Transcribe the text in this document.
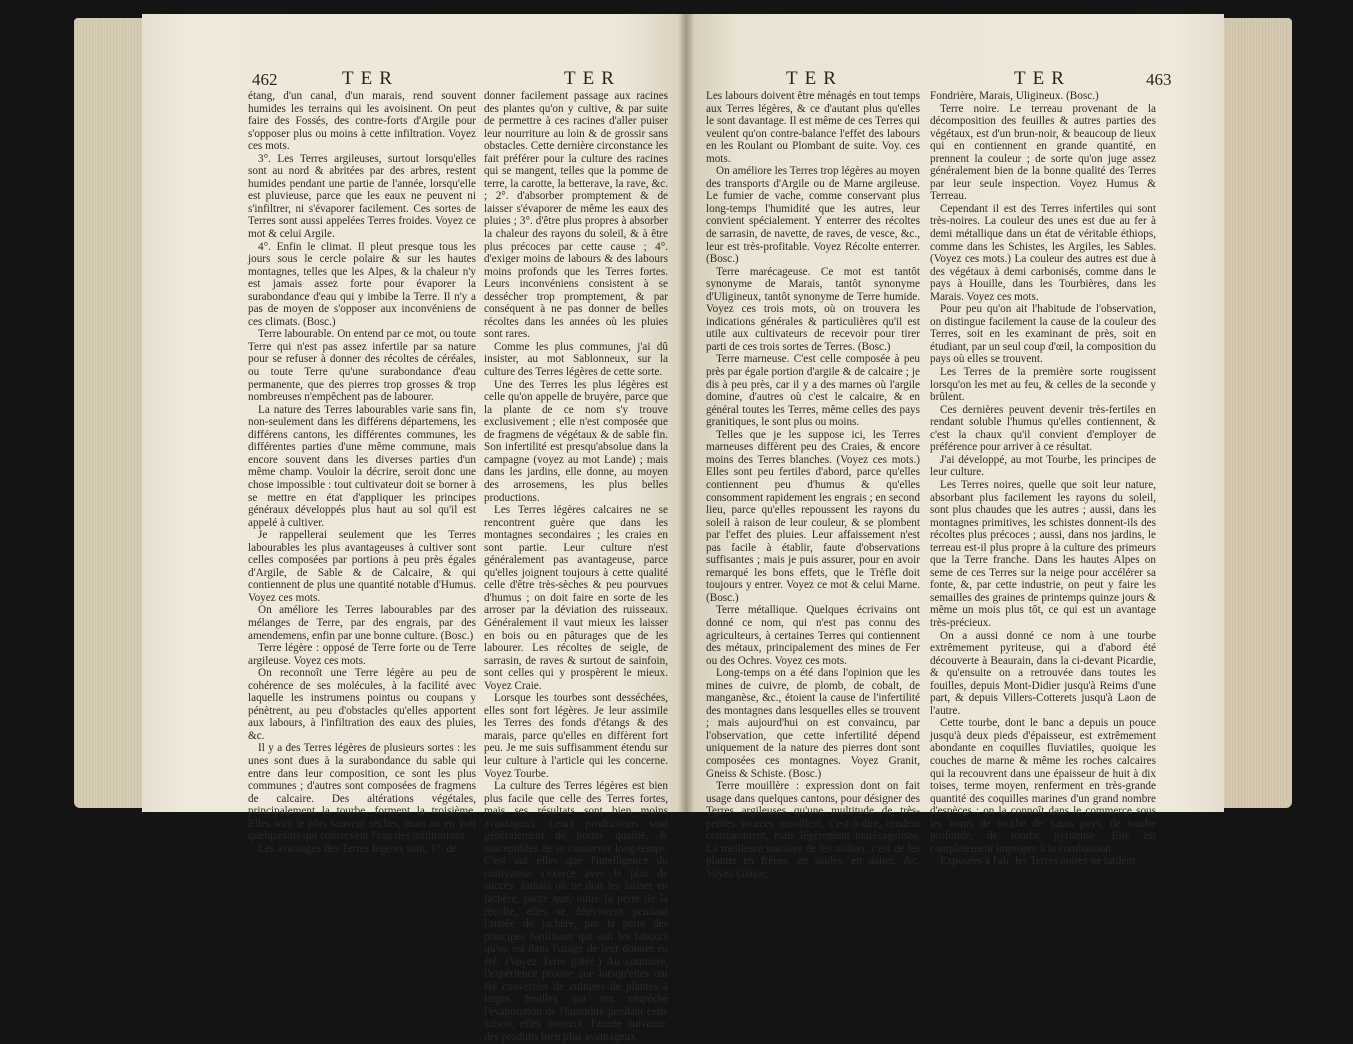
462	TER	TER

étang, d'un canal, d'un marais, rend souvent humides les terrains qui les avoisinent. On peut faire des Fossés, des contre-forts d'Argile pour s'opposer plus ou moins à cette infiltration. Voyez ces mots.

3°. Les Terres argileuses, surtout lorsqu'elles sont au nord & abritées par des arbres, restent humides pendant une partie de l'année, lorsqu'elle est pluvieuse, parce que les eaux ne peuvent ni s'infiltrer, ni s'évaporer facilement. Ces sortes de Terres sont aussi appelées Terres froides. Voyez ce mot & celui Argile.

4°. Enfin le climat. Il pleut presque tous les jours sous le cercle polaire & sur les hautes montagnes, telles que les Alpes, & la chaleur n'y est jamais assez forte pour évaporer la surabondance d'eau qui y imbibe la Terre. Il n'y a pas de moyen de s'opposer aux inconvéniens de ces climats. (Bosc.)

Terre labourable. On entend par ce mot, ou toute Terre qui n'est pas assez infertile par sa nature pour se refuser à donner des récoltes de céréales, ou toute Terre qu'une surabondance d'eau permanente, que des pierres trop grosses & trop nombreuses n'empêchent pas de labourer.

La nature des Terres labourables varie sans fin, non-seulement dans les différens départemens, les différens cantons, les différentes communes, les différentes parties d'une même commune, mais encore souvent dans les diverses parties d'un même champ. Vouloir la décrire, seroit donc une chose impossible : tout cultivateur doit se borner à se mettre en état d'appliquer les principes généraux développés plus haut au sol qu'il est appelé à cultiver.

Je rappellerai seulement que les Terres labourables les plus avantageuses à cultiver sont celles composées par portions à peu près égales d'Argile, de Sable & de Calcaire, & qui contiennent de plus une quantité notable d'Humus. Voyez ces mots.

On améliore les Terres labourables par des mélanges de Terre, par des engrais, par des amendemens, enfin par une bonne culture. (Bosc.)

Terre légère : opposé de Terre forte ou de Terre argileuse. Voyez ces mots.

On reconnoît une Terre légère au peu de cohérence de ses molécules, à la facilité avec laquelle les instrumens pointus ou coupans y pénètrent, au peu d'obstacles qu'elles apportent aux labours, à l'infiltration des eaux des pluies, &c.

Il y a des Terres légères de plusieurs sortes : les unes sont dues à la surabondance du sable qui entre dans leur composition, ce sont les plus communes ; d'autres sont composées de fragmens de calcaire. Des altérations végétales, principalement la tourbe, forment la troisième. Elles sont le plus souvent sèches, mais on en voit quelquefois qui conservent l'eau des infiltrations.

Les avantages des Terres légères sont, 1°. de

donner facilement passage aux racines des plantes qu'on y cultive, & par suite de permettre à ces racines d'aller puiser leur nourriture au loin & de grossir sans obstacles. Cette dernière circonstance les fait préférer pour la culture des racines qui se mangent, telles que la pomme de terre, la carotte, la betterave, la rave, &c. ; 2°. d'absorber promptement & de laisser s'évaporer de même les eaux des pluies ; 3°. d'être plus propres à absorber la chaleur des rayons du soleil, & à être plus précoces par cette cause ; 4°. d'exiger moins de labours & des labours moins profonds que les Terres fortes. Leurs inconvéniens consistent à se dessécher trop promptement, & par conséquent à ne pas donner de belles récoltes dans les années où les pluies sont rares.

Comme les plus communes, j'ai dû insister, au mot Sablonneux, sur la culture des Terres légères de cette sorte.

Une des Terres les plus légères est celle qu'on appelle de bruyère, parce que la plante de ce nom s'y trouve exclusivement ; elle n'est composée que de fragmens de végétaux & de sable fin. Son infertilité est presqu'absolue dans la campagne (voyez au mot Lande) ; mais dans les jardins, elle donne, au moyen des arrosemens, les plus belles productions.

Les Terres légères calcaires ne se rencontrent guère que dans les montagnes secondaires ; les craies en sont partie. Leur culture n'est généralement pas avantageuse, parce qu'elles joignent toujours à cette qualité celle d'être très-sèches & peu pourvues d'humus ; on doit faire en sorte de les arroser par la déviation des ruisseaux. Généralement il vaut mieux les laisser en bois ou en pâturages que de les labourer. Les récoltes de seigle, de sarrasin, de raves & surtout de sainfoin, sont celles qui y prospèrent le mieux. Voyez Craie.

Lorsque les tourbes sont desséchées, elles sont fort légères. Je leur assimile les Terres des fonds d'étangs & des marais, parce qu'elles en diffèrent fort peu. Je me suis suffisamment étendu sur leur culture à l'article qui les concerne. Voyez Tourbe.

La culture des Terres légères est bien plus facile que celle des Terres fortes, mais ses résultats sont bien moins avantageux. Leurs productions sont généralement de bonne qualité, & susceptibles de se conserver long-temps. C'est sur elles que l'intelligence du cultivateur s'exerce avec le plus de succès. Jamais on ne doit les laisser en jachère, parce que, outre la perte de la récolte, elles se détériorent pendant l'année de jachère, par la perte des principes fertilisans qui suit les labours qu'on est dans l'usage de leur donner en été. (Voyez Terre gâtée.) Au contraire, l'expérience prouve que lorsqu'elles ont été converties de cultures de plantes à larges feuilles qui ont empêché l'évaporation de l'humidité pendant cette saison, elles donnent, l'année suivante, des produits bien plus avantageux.

TER	TER	463

Les labours doivent être ménagés en tout temps aux Terres légères, & ce d'autant plus qu'elles le sont davantage. Il est même de ces Terres qui veulent qu'on contre-balance l'effet des labours en les Roulant ou Plombant de suite. Voy. ces mots.

On améliore les Terres trop légères au moyen des transports d'Argile ou de Marne argileuse. Le fumier de vache, comme conservant plus long-temps l'humidité que les autres, leur convient spécialement. Y enterrer des récoltes de sarrasin, de navette, de raves, de vesce, &c., leur est très-profitable. Voyez Récolte enterrer. (Bosc.)

Terre marécageuse. Ce mot est tantôt synonyme de Marais, tantôt synonyme d'Uligineux, tantôt synonyme de Terre humide. Voyez ces trois mots, où on trouvera les indications générales & particulières qu'il est utile aux cultivateurs de recevoir pour tirer parti de ces trois sortes de Terres. (Bosc.)

Terre marneuse. C'est celle composée à peu près par égale portion d'argile & de calcaire ; je dis à peu près, car il y a des marnes où l'argile domine, d'autres où c'est le calcaire, & en général toutes les Terres, même celles des pays granitiques, le sont plus ou moins.

Telles que je les suppose ici, les Terres marneuses diffèrent peu des Craies, & encore moins des Terres blanches. (Voyez ces mots.) Elles sont peu fertiles d'abord, parce qu'elles contiennent peu d'humus & qu'elles consomment rapidement les engrais ; en second lieu, parce qu'elles repoussent les rayons du soleil à raison de leur couleur, & se plombent par l'effet des pluies. Leur affaissement n'est pas facile à établir, faute d'observations suffisantes ; mais je puis assurer, pour en avoir remarqué les bons effets, que le Trèfle doit toujours y entrer. Voyez ce mot & celui Marne. (Bosc.)

Terre métallique. Quelques écrivains ont donné ce nom, qui n'est pas connu des agriculteurs, à certaines Terres qui contiennent des métaux, principalement des mines de Fer ou des Ochres. Voyez ces mots.

Long-temps on a été dans l'opinion que les mines de cuivre, de plomb, de cobalt, de manganèse, &c., étoient la cause de l'infertilité des montagnes dans lesquelles elles se trouvent ; mais aujourd'hui on est convaincu, par l'observation, que cette infertilité dépend uniquement de la nature des pierres dont sont composées ces montagnes. Voyez Granit, Gneiss & Schiste. (Bosc.)

Terre mouillère : expression dont on fait usage dans quelques cantons, pour désigner des Terres argileuses qu'une multitude de très-petites sources mouillent, c'est-à-dire, rendent constamment, mais légèrement marécageuses. La meilleure manière de les utiliser, c'est de les planter en frênes, en saules, en aunes, &c. Voyez Glaise,

Fondrière, Marais, Uligineux. (Bosc.)

Terre noire. Le terreau provenant de la décomposition des feuilles & autres parties des végétaux, est d'un brun-noir, & beaucoup de lieux qui en contiennent en grande quantité, en prennent la couleur ; de sorte qu'on juge assez généralement bien de la bonne qualité des Terres par leur seule inspection. Voyez Humus & Terreau.

Cependant il est des Terres infertiles qui sont très-noires. La couleur des unes est due au fer à demi métallique dans un état de véritable éthiops, comme dans les Schistes, les Argiles, les Sables. (Voyez ces mots.) La couleur des autres est due à des végétaux à demi carbonisés, comme dans le pays à Houille, dans les Tourbières, dans les Marais. Voyez ces mots.

Pour peu qu'on ait l'habitude de l'observation, on distingue facilement la cause de la couleur des Terres, soit en les examinant de près, soit en étudiant, par un seul coup d'œil, la composition du pays où elles se trouvent.

Les Terres de la première sorte rougissent lorsqu'on les met au feu, & celles de la seconde y brûlent.

Ces dernières peuvent devenir très-fertiles en rendant soluble l'humus qu'elles contiennent, & c'est la chaux qu'il convient d'employer de préférence pour arriver à ce résultat.

J'ai développé, au mot Tourbe, les principes de leur culture.

Les Terres noires, quelle que soit leur nature, absorbant plus facilement les rayons du soleil, sont plus chaudes que les autres ; aussi, dans les montagnes primitives, les schistes donnent-ils des récoltes plus précoces ; aussi, dans nos jardins, le terreau est-il plus propre à la culture des primeurs que la Terre franche. Dans les hautes Alpes on seme de ces Terres sur la neige pour accélérer sa fonte, &, par cette industrie, on peut y faire les semailles des graines de printemps quinze jours & même un mois plus tôt, ce qui est un avantage très-précieux.

On a aussi donné ce nom à une tourbe extrêmement pyriteuse, qui a d'abord été découverte à Beaurain, dans la ci-devant Picardie, & qu'ensuite on a retrouvée dans toutes les fouilles, depuis Mont-Didier jusqu'à Reims d'une part, & depuis Villers-Cotterets jusqu'à Laon de l'autre.

Cette tourbe, dont le banc a depuis un pouce jusqu'à deux pieds d'épaisseur, est extrêmement abondante en coquilles fluviatiles, quoique les couches de marne & même les roches calcaires qui la recouvrent dans une épaisseur de huit à dix toises, terme moyen, renferment en très-grande quantité des coquilles marines d'un grand nombre d'espèces : on la connoît dans le commerce sous les noms de tourbe de hauts pays, de tourbe profonde, de tourbe pyriteuse. Elle est complétement impropre à la combustion.

Exposées à l'air, les Terres noires ne tardent
